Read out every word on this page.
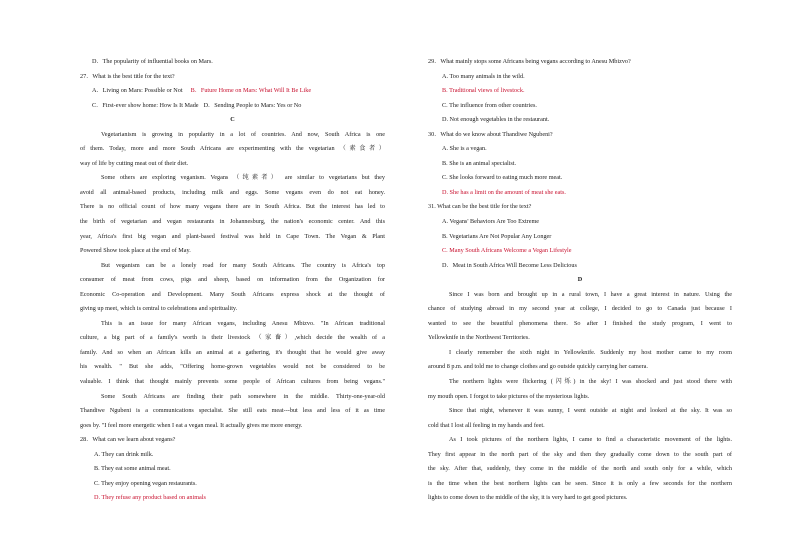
D．The popularity of influential books on Mars.
27．What is the best title for the text?
A．Living on Mars: Possible or Not B．Future Home on Mars: What Will It Be Like
C．First-ever show home: How Is It Made D．Sending People to Mars: Yes or No
C
Vegetarianism is growing in popularity in a lot of countries. And now, South Africa is one
of them. Today, more and more South Africans are experimenting with the vegetarian （素食者）
way of life by cutting meat out of their diet.
Some others are exploring veganism. Vegans （纯素者） are similar to vegetarians but they
avoid all animal-based products, including milk and eggs. Some vegans even do not eat honey.
There is no official count of how many vegans there are in South Africa. But the interest has led to
the birth of vegetarian and vegan restaurants in Johannesburg, the nation's economic center. And this
year, Africa's first big vegan and plant-based festival was held in Cape Town. The Vegan & Plant
Powered Show took place at the end of May.
But veganism can be a lonely road for many South Africans. The country is Africa's top
consumer of meat from cows, pigs and sheep, based on information from the Organization for
Economic Co-operation and Development. Many South Africans express shock at the thought of
giving up meet, which is central to celebrations and spirituality.
This is an issue for many African vegans, including Anesu Mbizvo. "In African traditional
culture, a big part of a family's worth is their livestock （家畜）,which decide the wealth of a
family. And so when an African kills an animal at a gathering, it's thought that he would give away
his wealth. " But she adds, "Offering home-grown vegetables would not be considered to be
valuable. I think that thought mainly prevents some people of African cultures from being vegans."
Some South Africans are finding their path somewhere in the middle. Thirty-one-year-old
Thandiwe Ngubeni is a communications specialist. She still eats meat---but less and less of it as time
goes by. "I feel more energetic when I eat a vegan meal. It actually gives me more energy.
28．What can we learn about vegans?
A. They can drink milk.
B. They eat some animal meat.
C. They enjoy opening vegan restaurants.
D. They refuse any product based on animals
29．What mainly stops some Africans being vegans according to Anesu Mbizvo?
A. Too many animals in the wild.
B. Traditional views of livestock.
C. The influence from other countries.
D. Not enough vegetables in the restaurant.
30．What do we know about Thandiwe Ngubeni?
A. She is a vegan.
B. She is an animal specialist.
C. She looks forward to eating much more meat.
D. She has a limit on the amount of meat she eats.
31. What can be the best title for the text?
A. Vegans' Behaviors Are Too Extreme
B. Vegetarians Are Not Popular Any Longer
C. Many South Africans Welcome a Vegan Lifestyle
D．Meat in South Africa Will Become Less Delicious
D
Since I was born and brought up in a rural town, I have a great interest in nature. Using the
chance of studying abroad in my second year at college, I decided to go to Canada just because I
wanted to see the beautiful phenomena there. So after I finished the study program, I went to
Yellowknife in the Northwest Territories.
I clearly remember the sixth night in Yellowknife. Suddenly my host mother came to my room
around 8 p.m. and told me to change clothes and go outside quickly carrying her camera.
The northern lights were flickering (闪烁) in the sky! I was shocked and just stood there with
my mouth open. I forgot to take pictures of the mysterious lights.
Since that night, whenever it was sunny, I went outside at night and looked at the sky. It was so
cold that I lost all feeling in my hands and feet.
As I took pictures of the northern lights, I came to find a characteristic movement of the lights.
They first appear in the north part of the sky and then they gradually come down to the south part of
the sky. After that, suddenly, they come in the middle of the north and south only for a while, which
is the time when the best northern lights can be seen. Since it is only a few seconds for the northern
lights to come down to the middle of the sky, it is very hard to get good pictures.
